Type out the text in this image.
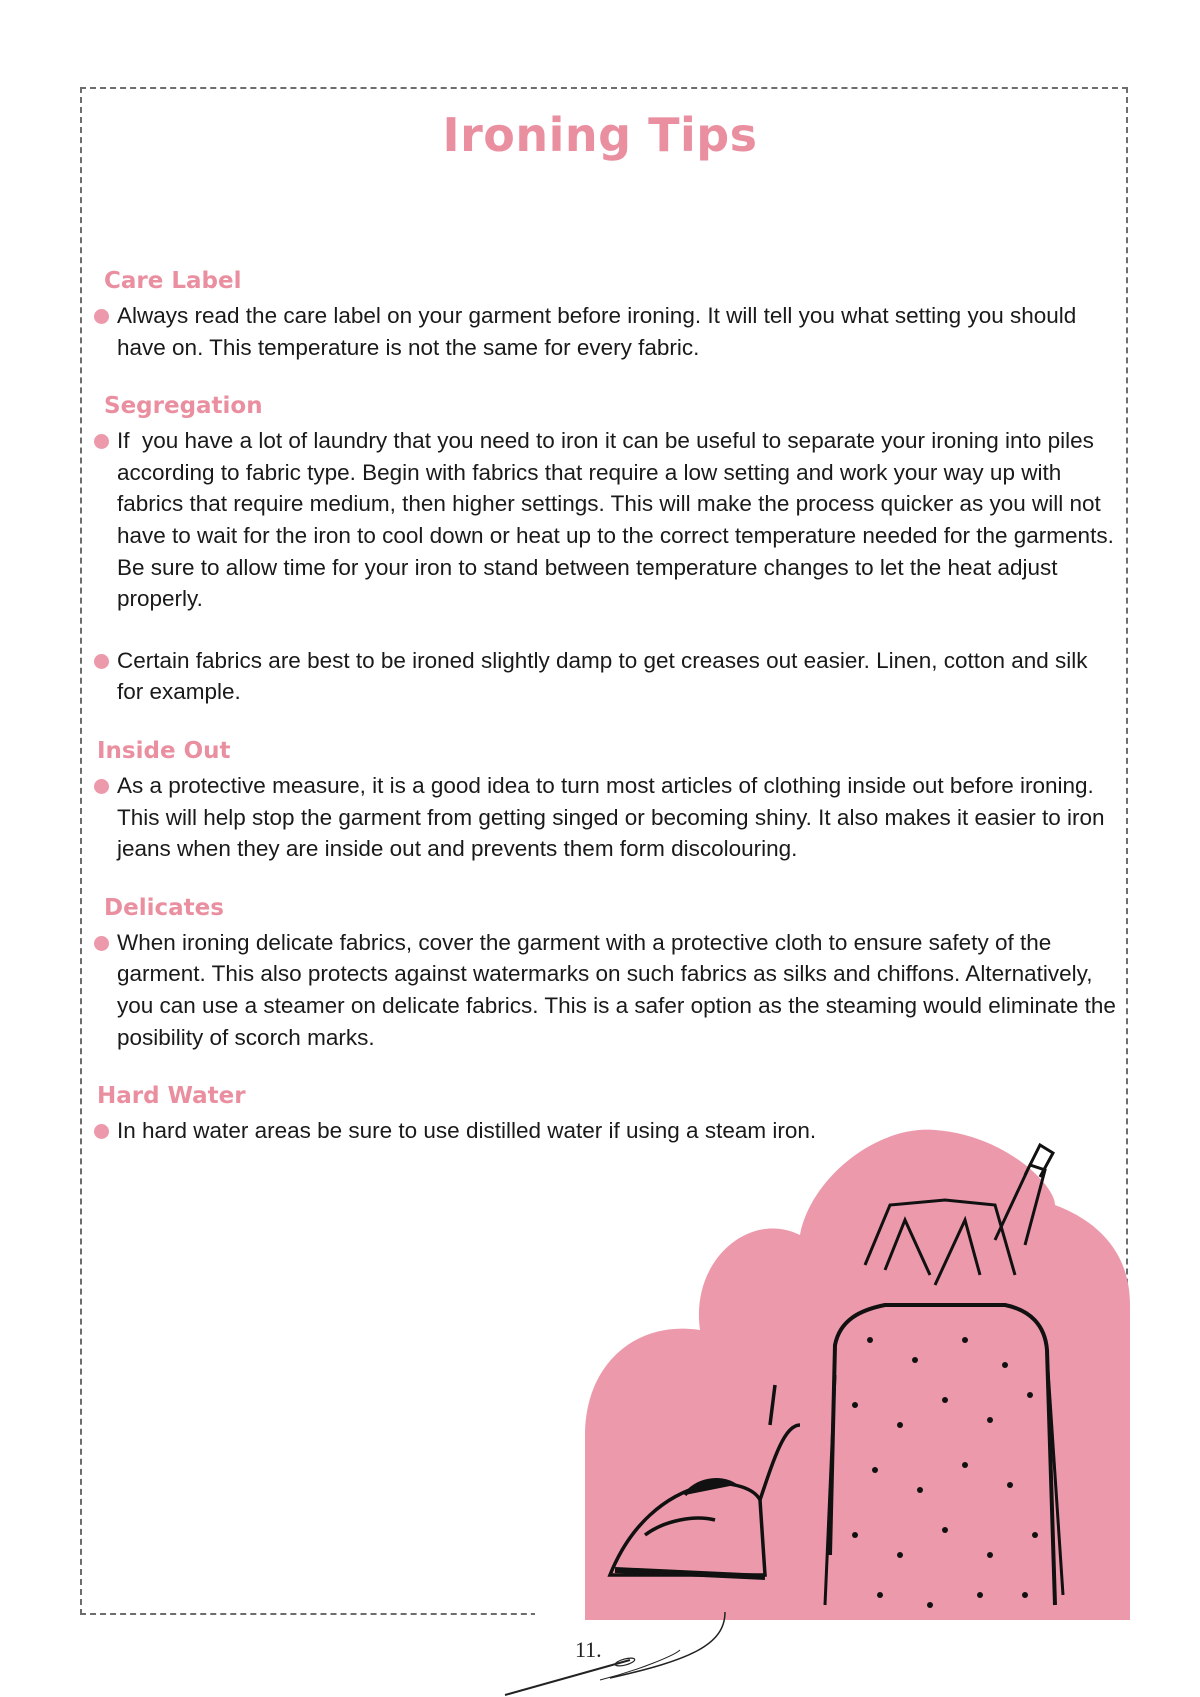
Ironing Tips
Care Label
Always read the care label on your garment before ironing. It will tell you what setting you should have on. This temperature is not the same for every fabric.
Segregation
If  you have a lot of laundry that you need to iron it can be useful to separate your ironing into piles according to fabric type. Begin with fabrics that require a low setting and work your way up with fabrics that require medium, then higher settings. This will make the process quicker as you will not have to wait for the iron to cool down or heat up to the correct temperature needed for the garments. Be sure to allow time for your iron to stand between temperature changes to let the heat adjust properly.
Certain fabrics are best to be ironed slightly damp to get creases out easier. Linen, cotton and silk for example.
Inside Out
As a protective measure, it is a good idea to turn most articles of clothing inside out before ironing. This will help stop the garment from getting singed or becoming shiny. It also makes it easier to iron jeans when they are inside out and prevents them form discolouring.
Delicates
When ironing delicate fabrics, cover the garment with a protective cloth to ensure safety of the garment. This also protects against watermarks on such fabrics as silks and chiffons. Alternatively, you can use a steamer on delicate fabrics. This is a safer option as the steaming would eliminate the posibility of scorch marks.
Hard Water
In hard water areas be sure to use distilled water if using a steam iron.
11.
